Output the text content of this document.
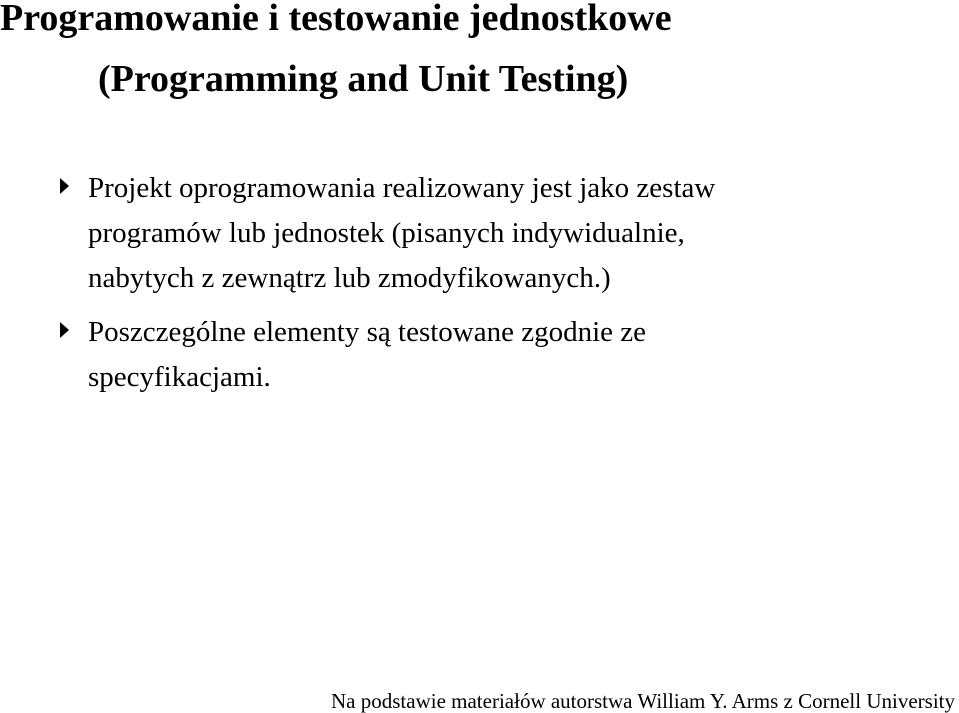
Programowanie i testowanie jednostkowe
(Programming and Unit Testing)

Projekt oprogramowania realizowany jest jako zestaw
programów lub jednostek (pisanych indywidualnie,
nabytych z zewnątrz lub zmodyfikowanych.)

Poszczególne elementy są testowane zgodnie ze
specyfikacjami.

Na podstawie materiałów autorstwa William Y. Arms z Cornell University
